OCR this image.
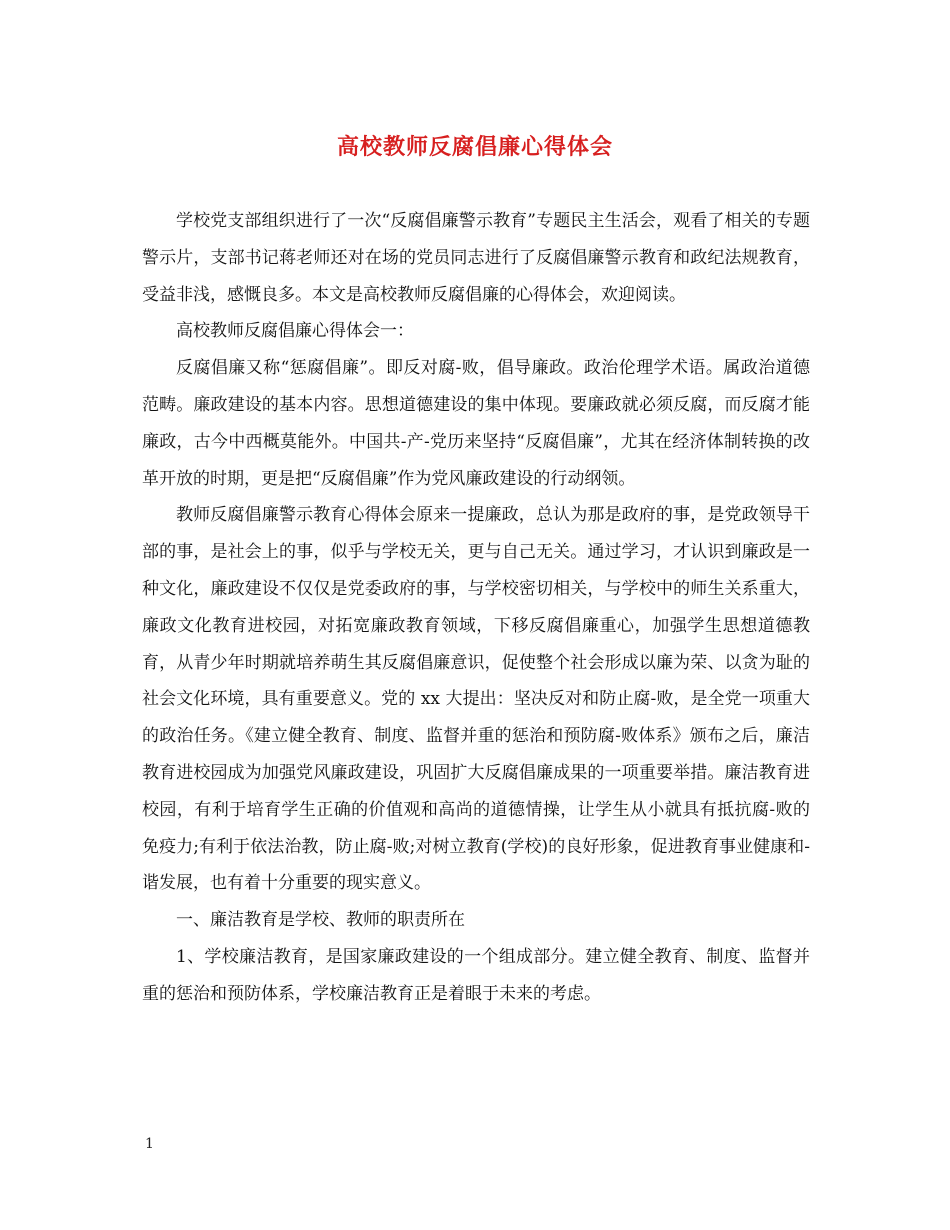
高校教师反腐倡廉心得体会

学校党支部组织进行了一次“反腐倡廉警示教育”专题民主生活会，观看了相关的专题警示片，支部书记蒋老师还对在场的党员同志进行了反腐倡廉警示教育和政纪法规教育，受益非浅，感慨良多。本文是高校教师反腐倡廉的心得体会，欢迎阅读。

高校教师反腐倡廉心得体会一：

反腐倡廉又称“惩腐倡廉”。即反对腐-败，倡导廉政。政治伦理学术语。属政治道德范畴。廉政建设的基本内容。思想道德建设的集中体现。要廉政就必须反腐，而反腐才能廉政，古今中西概莫能外。中国共-产-党历来坚持“反腐倡廉”，尤其在经济体制转换的改革开放的时期，更是把“反腐倡廉”作为党风廉政建设的行动纲领。

教师反腐倡廉警示教育心得体会原来一提廉政，总认为那是政府的事，是党政领导干部的事，是社会上的事，似乎与学校无关，更与自己无关。通过学习，才认识到廉政是一种文化，廉政建设不仅仅是党委政府的事，与学校密切相关，与学校中的师生关系重大，廉政文化教育进校园，对拓宽廉政教育领域，下移反腐倡廉重心，加强学生思想道德教育，从青少年时期就培养萌生其反腐倡廉意识，促使整个社会形成以廉为荣、以贪为耻的社会文化环境，具有重要意义。党的 xx 大提出：坚决反对和防止腐-败，是全党一项重大的政治任务。《建立健全教育、制度、监督并重的惩治和预防腐-败体系》颁布之后，廉洁教育进校园成为加强党风廉政建设，巩固扩大反腐倡廉成果的一项重要举措。廉洁教育进校园，有利于培育学生正确的价值观和高尚的道德情操，让学生从小就具有抵抗腐-败的免疫力;有利于依法治教，防止腐-败;对树立教育(学校)的良好形象，促进教育事业健康和-谐发展，也有着十分重要的现实意义。

一、廉洁教育是学校、教师的职责所在

1、学校廉洁教育，是国家廉政建设的一个组成部分。建立健全教育、制度、监督并重的惩治和预防体系，学校廉洁教育正是着眼于未来的考虑。

1
